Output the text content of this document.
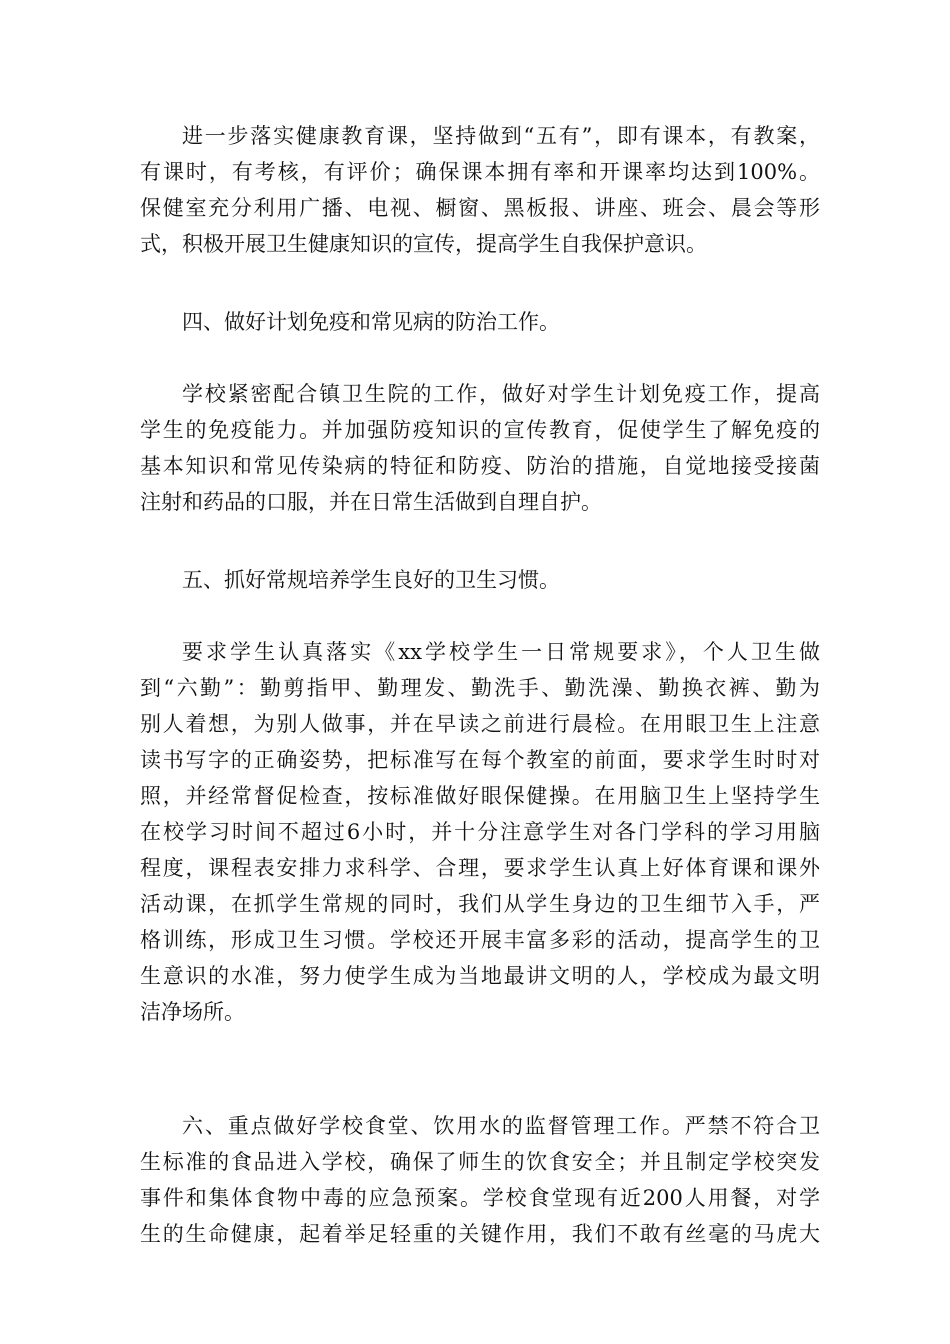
进一步落实健康教育课，坚持做到“五有”，即有课本，有教案，
有课时，有考核，有评价；确保课本拥有率和开课率均达到100%。
保健室充分利用广播、电视、橱窗、黑板报、讲座、班会、晨会等形
式，积极开展卫生健康知识的宣传，提高学生自我保护意识。
四、做好计划免疫和常见病的防治工作。
学校紧密配合镇卫生院的工作，做好对学生计划免疫工作，提高
学生的免疫能力。并加强防疫知识的宣传教育，促使学生了解免疫的
基本知识和常见传染病的特征和防疫、防治的措施，自觉地接受接菌
注射和药品的口服，并在日常生活做到自理自护。
五、抓好常规培养学生良好的卫生习惯。
要求学生认真落实《xx学校学生一日常规要求》，个人卫生做
到“六勤”：勤剪指甲、勤理发、勤洗手、勤洗澡、勤换衣裤、勤为
别人着想，为别人做事，并在早读之前进行晨检。在用眼卫生上注意
读书写字的正确姿势，把标准写在每个教室的前面，要求学生时时对
照，并经常督促检查，按标准做好眼保健操。在用脑卫生上坚持学生
在校学习时间不超过6小时，并十分注意学生对各门学科的学习用脑
程度，课程表安排力求科学、合理，要求学生认真上好体育课和课外
活动课，在抓学生常规的同时，我们从学生身边的卫生细节入手，严
格训练，形成卫生习惯。学校还开展丰富多彩的活动，提高学生的卫
生意识的水准，努力使学生成为当地最讲文明的人，学校成为最文明
洁净场所。
六、重点做好学校食堂、饮用水的监督管理工作。严禁不符合卫
生标准的食品进入学校，确保了师生的饮食安全；并且制定学校突发
事件和集体食物中毒的应急预案。学校食堂现有近200人用餐，对学
生的生命健康，起着举足轻重的关键作用，我们不敢有丝毫的马虎大
